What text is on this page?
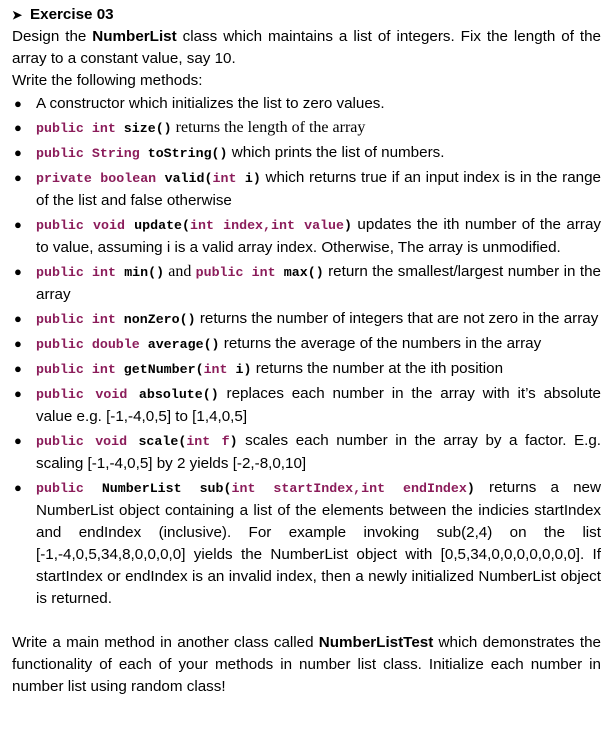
➤ Exercise 03

Design the NumberList class which maintains a list of integers. Fix the length of the array to a constant value, say 10.

Write the following methods:

● A constructor which initializes the list to zero values.
● public int size() returns the length of the array
● public String toString() which prints the list of numbers.
● private boolean valid(int i) which returns true if an input index is in the range of the list and false otherwise
● public void update(int index,int value) updates the ith number of the array to value, assuming i is a valid array index. Otherwise, The array is unmodified.
● public int min() and public int max() return the smallest/largest number in the array
● public int nonZero() returns the number of integers that are not zero in the array
● public double average() returns the average of the numbers in the array
● public int getNumber(int i) returns the number at the ith position
● public void absolute() replaces each number in the array with it’s absolute value e.g. [-1,-4,0,5] to [1,4,0,5]
● public void scale(int f) scales each number in the array by a factor. E.g. scaling [-1,-4,0,5] by 2 yields [-2,-8,0,10]
● public NumberList sub(int startIndex,int endIndex) returns a new NumberList object containing a list of the elements between the indicies startIndex and endIndex (inclusive). For example invoking sub(2,4) on the list [-1,-4,0,5,34,8,0,0,0,0] yields the NumberList object with [0,5,34,0,0,0,0,0,0,0]. If startIndex or endIndex is an invalid index, then a newly initialized NumberList object is returned.

Write a main method in another class called NumberListTest which demonstrates the functionality of each of your methods in number list class. Initialize each number in number list using random class!
